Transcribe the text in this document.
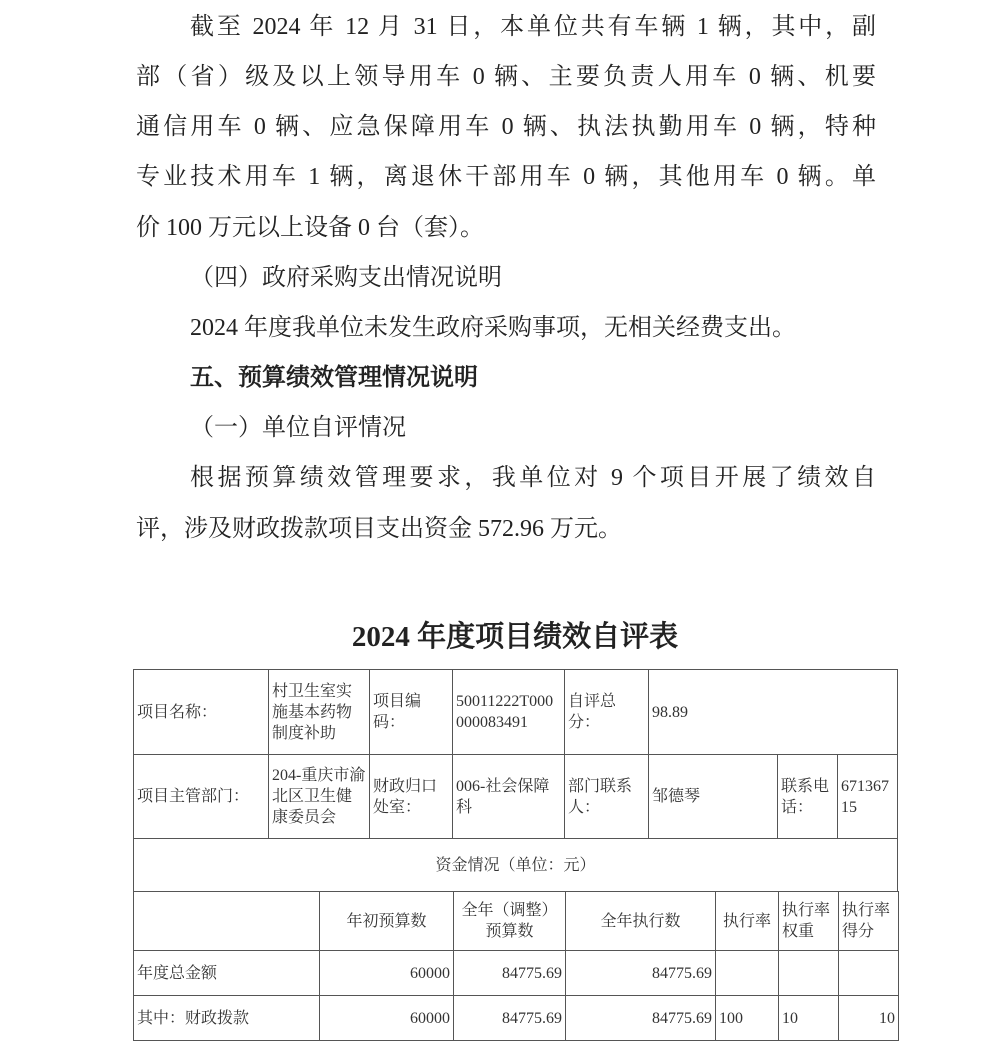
截至 2024 年 12 月 31 日，本单位共有车辆 1 辆，其中，副
部（省）级及以上领导用车 0 辆、主要负责人用车 0 辆、机要
通信用车 0 辆、应急保障用车 0 辆、执法执勤用车 0 辆，特种
专业技术用车 1 辆，离退休干部用车 0 辆，其他用车 0 辆。单
价 100 万元以上设备 0 台（套）。
（四）政府采购支出情况说明
2024 年度我单位未发生政府采购事项，无相关经费支出。
五、预算绩效管理情况说明
（一）单位自评情况
根据预算绩效管理要求，我单位对 9 个项目开展了绩效自
评，涉及财政拨款项目支出资金 572.96 万元。
2024 年度项目绩效自评表
项目名称：	村卫生室实施基本药物制度补助	项目编码：	50011222T000000083491	自评总分：	98.89		
项目主管部门：	204-重庆市渝北区卫生健康委员会	财政归口处室：	006-社会保障科	部门联系人：	邹德琴	联系电话：	67136715
资金情况（单位：元）							
	年初预算数	全年（调整）预算数	全年执行数	执行率	执行率权重	执行率得分
年度总金额	60000	84775.69	84775.69			
其中：财政拨款	60000	84775.69	84775.69	100	10	10
